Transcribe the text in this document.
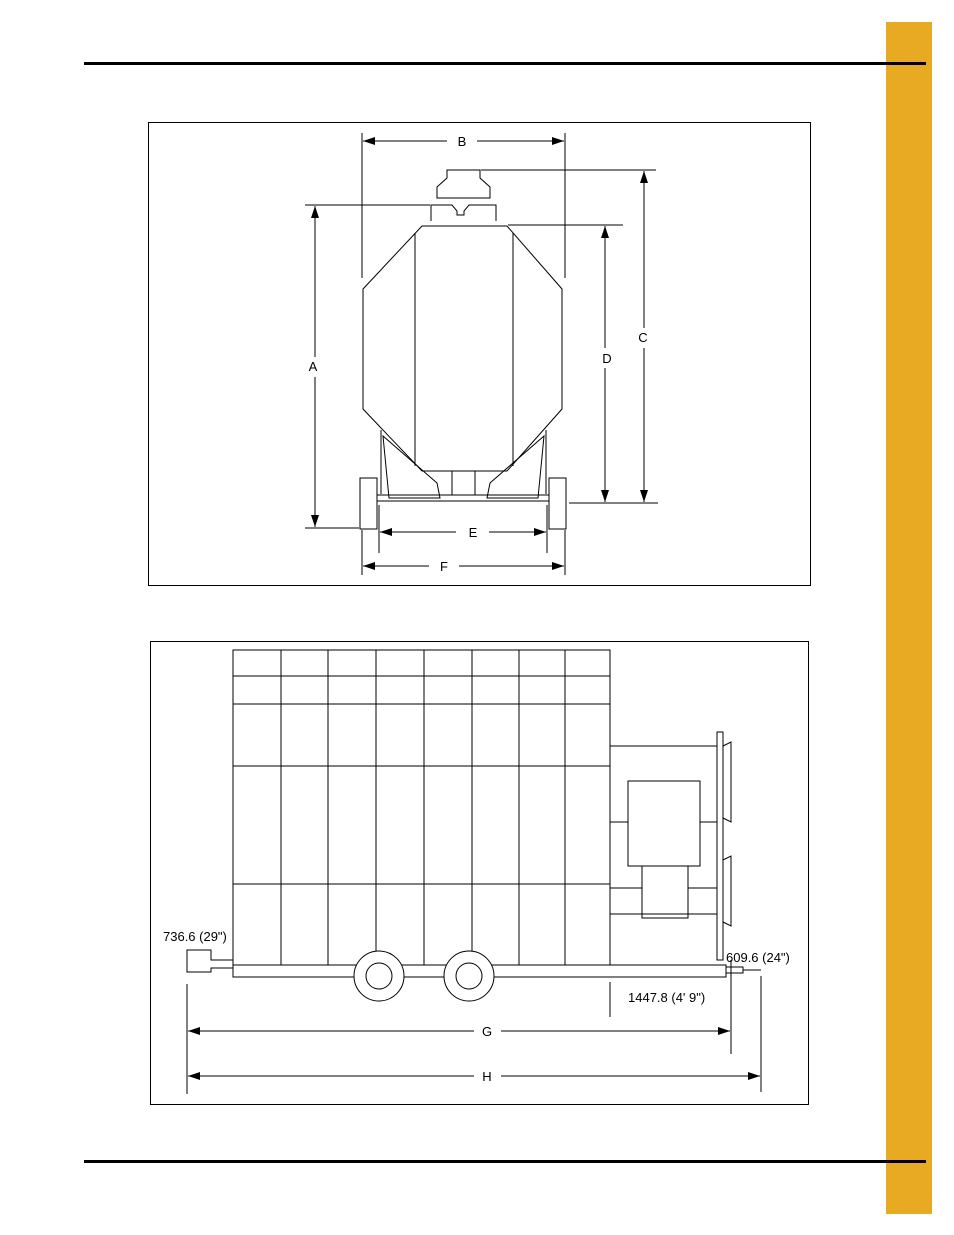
B
A
D
C
E
F
736.6 (29")
609.6 (24")
1447.8 (4' 9")
G
H
